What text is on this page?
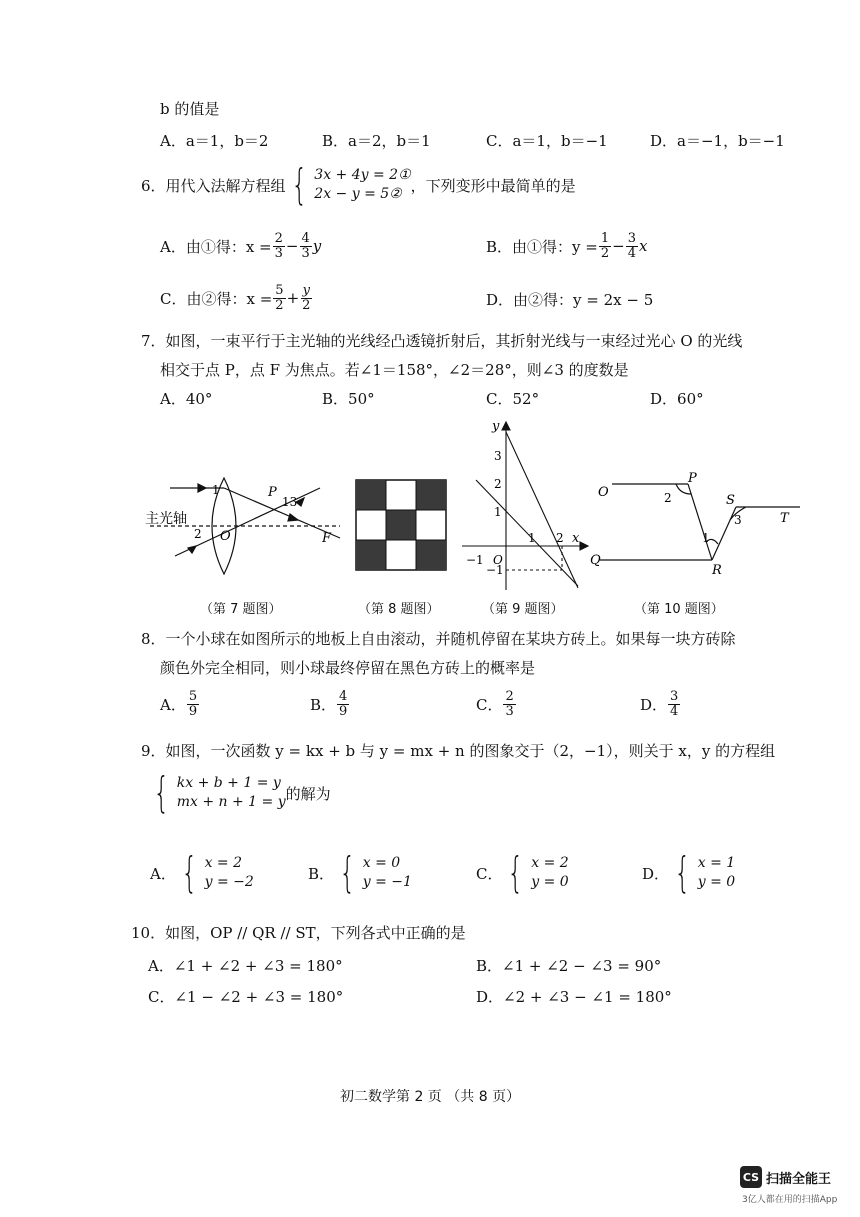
b 的值是
A．a＝1，b＝2	B．a＝2，b＝1	C．a＝1，b＝−1	D．a＝−1，b＝−1
6．用代入法解方程组 { 3x + 4y = 2①
2x − y = 5② ，下列变形中最简单的是
A．由①得：$x = \frac{2}{3} - \frac{4}{3}$ y	B．由①得：$y = \frac{1}{2} - \frac{3}{4}$ x
C．由②得：$x = \frac{5}{2} + \frac{y}{2}$	D．由②得：y = 2x − 5
7．如图，一束平行于主光轴的光线经凸透镜折射后，其折射光线与一束经过光心 O 的光线
相交于点 P，点 F 为焦点。若∠1＝158°，∠2＝28°，则∠3 的度数是
A．40°	B．50°	C．52°	D．60°
主光轴
1	P
13
2 O	F
y
3
2
1
−1 O
1 2 x
−1
O	2
P
S
3	T
1
Q
R
（第 7 题图）	（第 8 题图）	（第 9 题图）	（第 10 题图）
8．一个小球在如图所示的地板上自由滚动，并随机停留在某块方砖上。如果每一块方砖除
颜色外完全相同，则小球最终停留在黑色方砖上的概率是
A． $\frac{5}{9}$	B． $\frac{4}{9}$	C． $\frac{2}{3}$	D． $\frac{3}{4}$
9．如图，一次函数 y = kx + b 与 y = mx + n 的图象交于（2，−1），则关于 x，y 的方程组
{ kx + b + 1 = y
mx + n + 1 = y 的解为
A． { x = 2
y = −2	B． { x = 0
y = −1	C． { x = 2
y = 0	D． { x = 1
y = 0
10．如图，OP // QR // ST，下列各式中正确的是
A．∠1 + ∠2 + ∠3 = 180°	B．∠1 + ∠2 − ∠3 = 90°
C．∠1 − ∠2 + ∠3 = 180°	D．∠2 + ∠3 − ∠1 = 180°
初二数学第 2 页 （共 8 页）
CS 扫描全能王
3亿人都在用的扫描App
